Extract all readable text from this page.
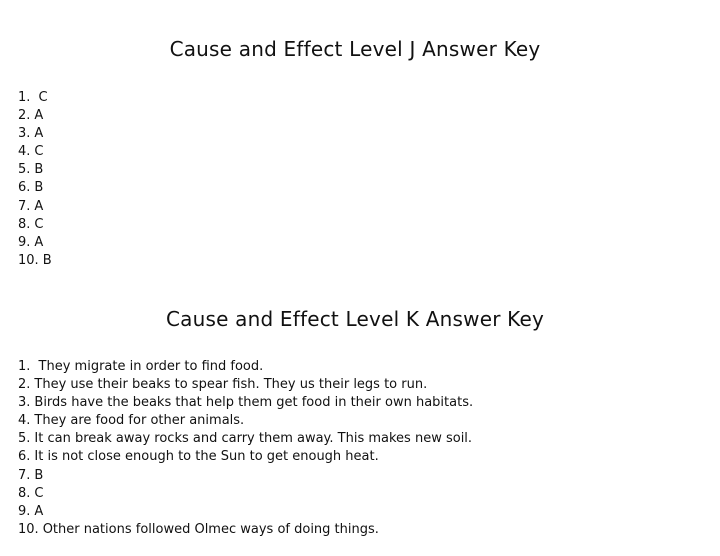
Cause and Effect Level J Answer Key
1. C
2. A
3. A
4. C
5. B
6. B
7. A
8. C
9. A
10. B
Cause and Effect Level K Answer Key
1. They migrate in order to find food.
2. They use their beaks to spear fish. They us their legs to run.
3. Birds have the beaks that help them get food in their own habitats.
4. They are food for other animals.
5. It can break away rocks and carry them away. This makes new soil.
6. It is not close enough to the Sun to get enough heat.
7. B
8. C
9. A
10. Other nations followed Olmec ways of doing things.
